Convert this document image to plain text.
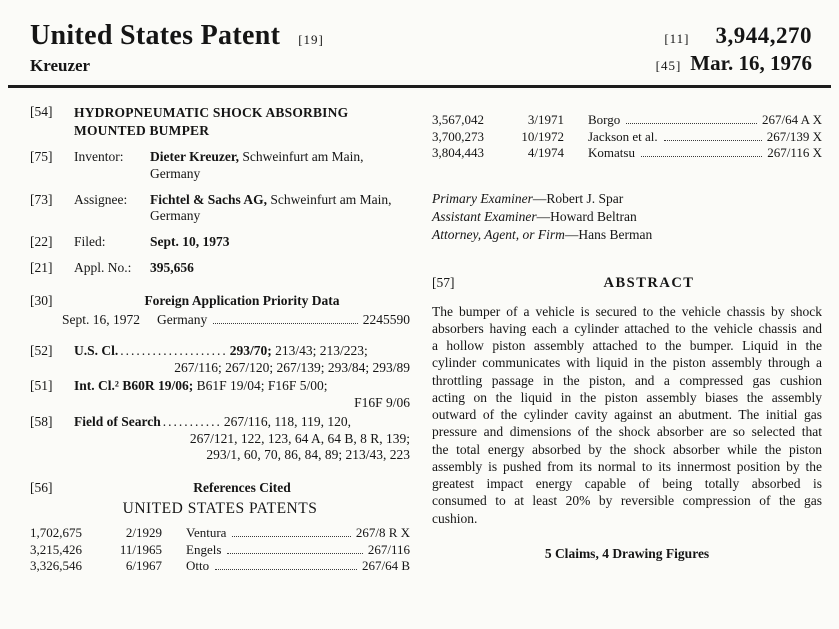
United States Patent [19]
Kreuzer
[11] 3,944,270
[45] Mar. 16, 1976
[54]	HYDROPNEUMATIC SHOCK ABSORBING
MOUNTED BUMPER
[75]	Inventor:	Dieter Kreuzer, Schweinfurt am Main, Germany
[73]	Assignee:	Fichtel & Sachs AG, Schweinfurt am Main, Germany
[22]	Filed:	Sept. 10, 1973
[21]	Appl. No.:	395,656
[30]	Foreign Application Priority Data
Sept. 16, 1972 Germany	2245590
[52]	U.S. Cl. .................... 293/70; 213/43; 213/223;
267/116; 267/120; 267/139; 293/84; 293/89
[51]	Int. Cl.² B60R 19/06; B61F 19/04; F16F 5/00;
F16F 9/06
[58]	Field of Search ........... 267/116, 118, 119, 120,
267/121, 122, 123, 64 A, 64 B, 8 R, 139;
293/1, 60, 70, 86, 84, 89; 213/43, 223
[56]	References Cited
UNITED STATES PATENTS
1,702,675	2/1929 Ventura	267/8 R X
3,215,426	11/1965 Engels	267/116
3,326,546	6/1967 Otto	267/64 B
3,567,042	3/1971 Borgo	267/64 A X
3,700,273	10/1972 Jackson et al.	267/139 X
3,804,443	4/1974 Komatsu	267/116 X
Primary Examiner—Robert J. Spar
Assistant Examiner—Howard Beltran
Attorney, Agent, or Firm—Hans Berman
[57]	ABSTRACT

The bumper of a vehicle is secured to the vehicle chassis by shock absorbers having each a cylinder attached to the vehicle chassis and a hollow piston assembly attached to the bumper. Liquid in the cylinder communicates with liquid in the piston assembly through a throttling passage in the piston, and a compressed gas cushion acting on the liquid in the piston assembly biases the assembly outward of the cylinder cavity against an abutment. The initial gas pressure and dimensions of the shock absorber are so selected that the total energy absorbed by the shock absorber while the piston assembly is pushed from its normal to its innermost position by the greatest impact energy capable of being totally absorbed is consumed to at least 20% by reversible compression of the gas cushion.

5 Claims, 4 Drawing Figures
